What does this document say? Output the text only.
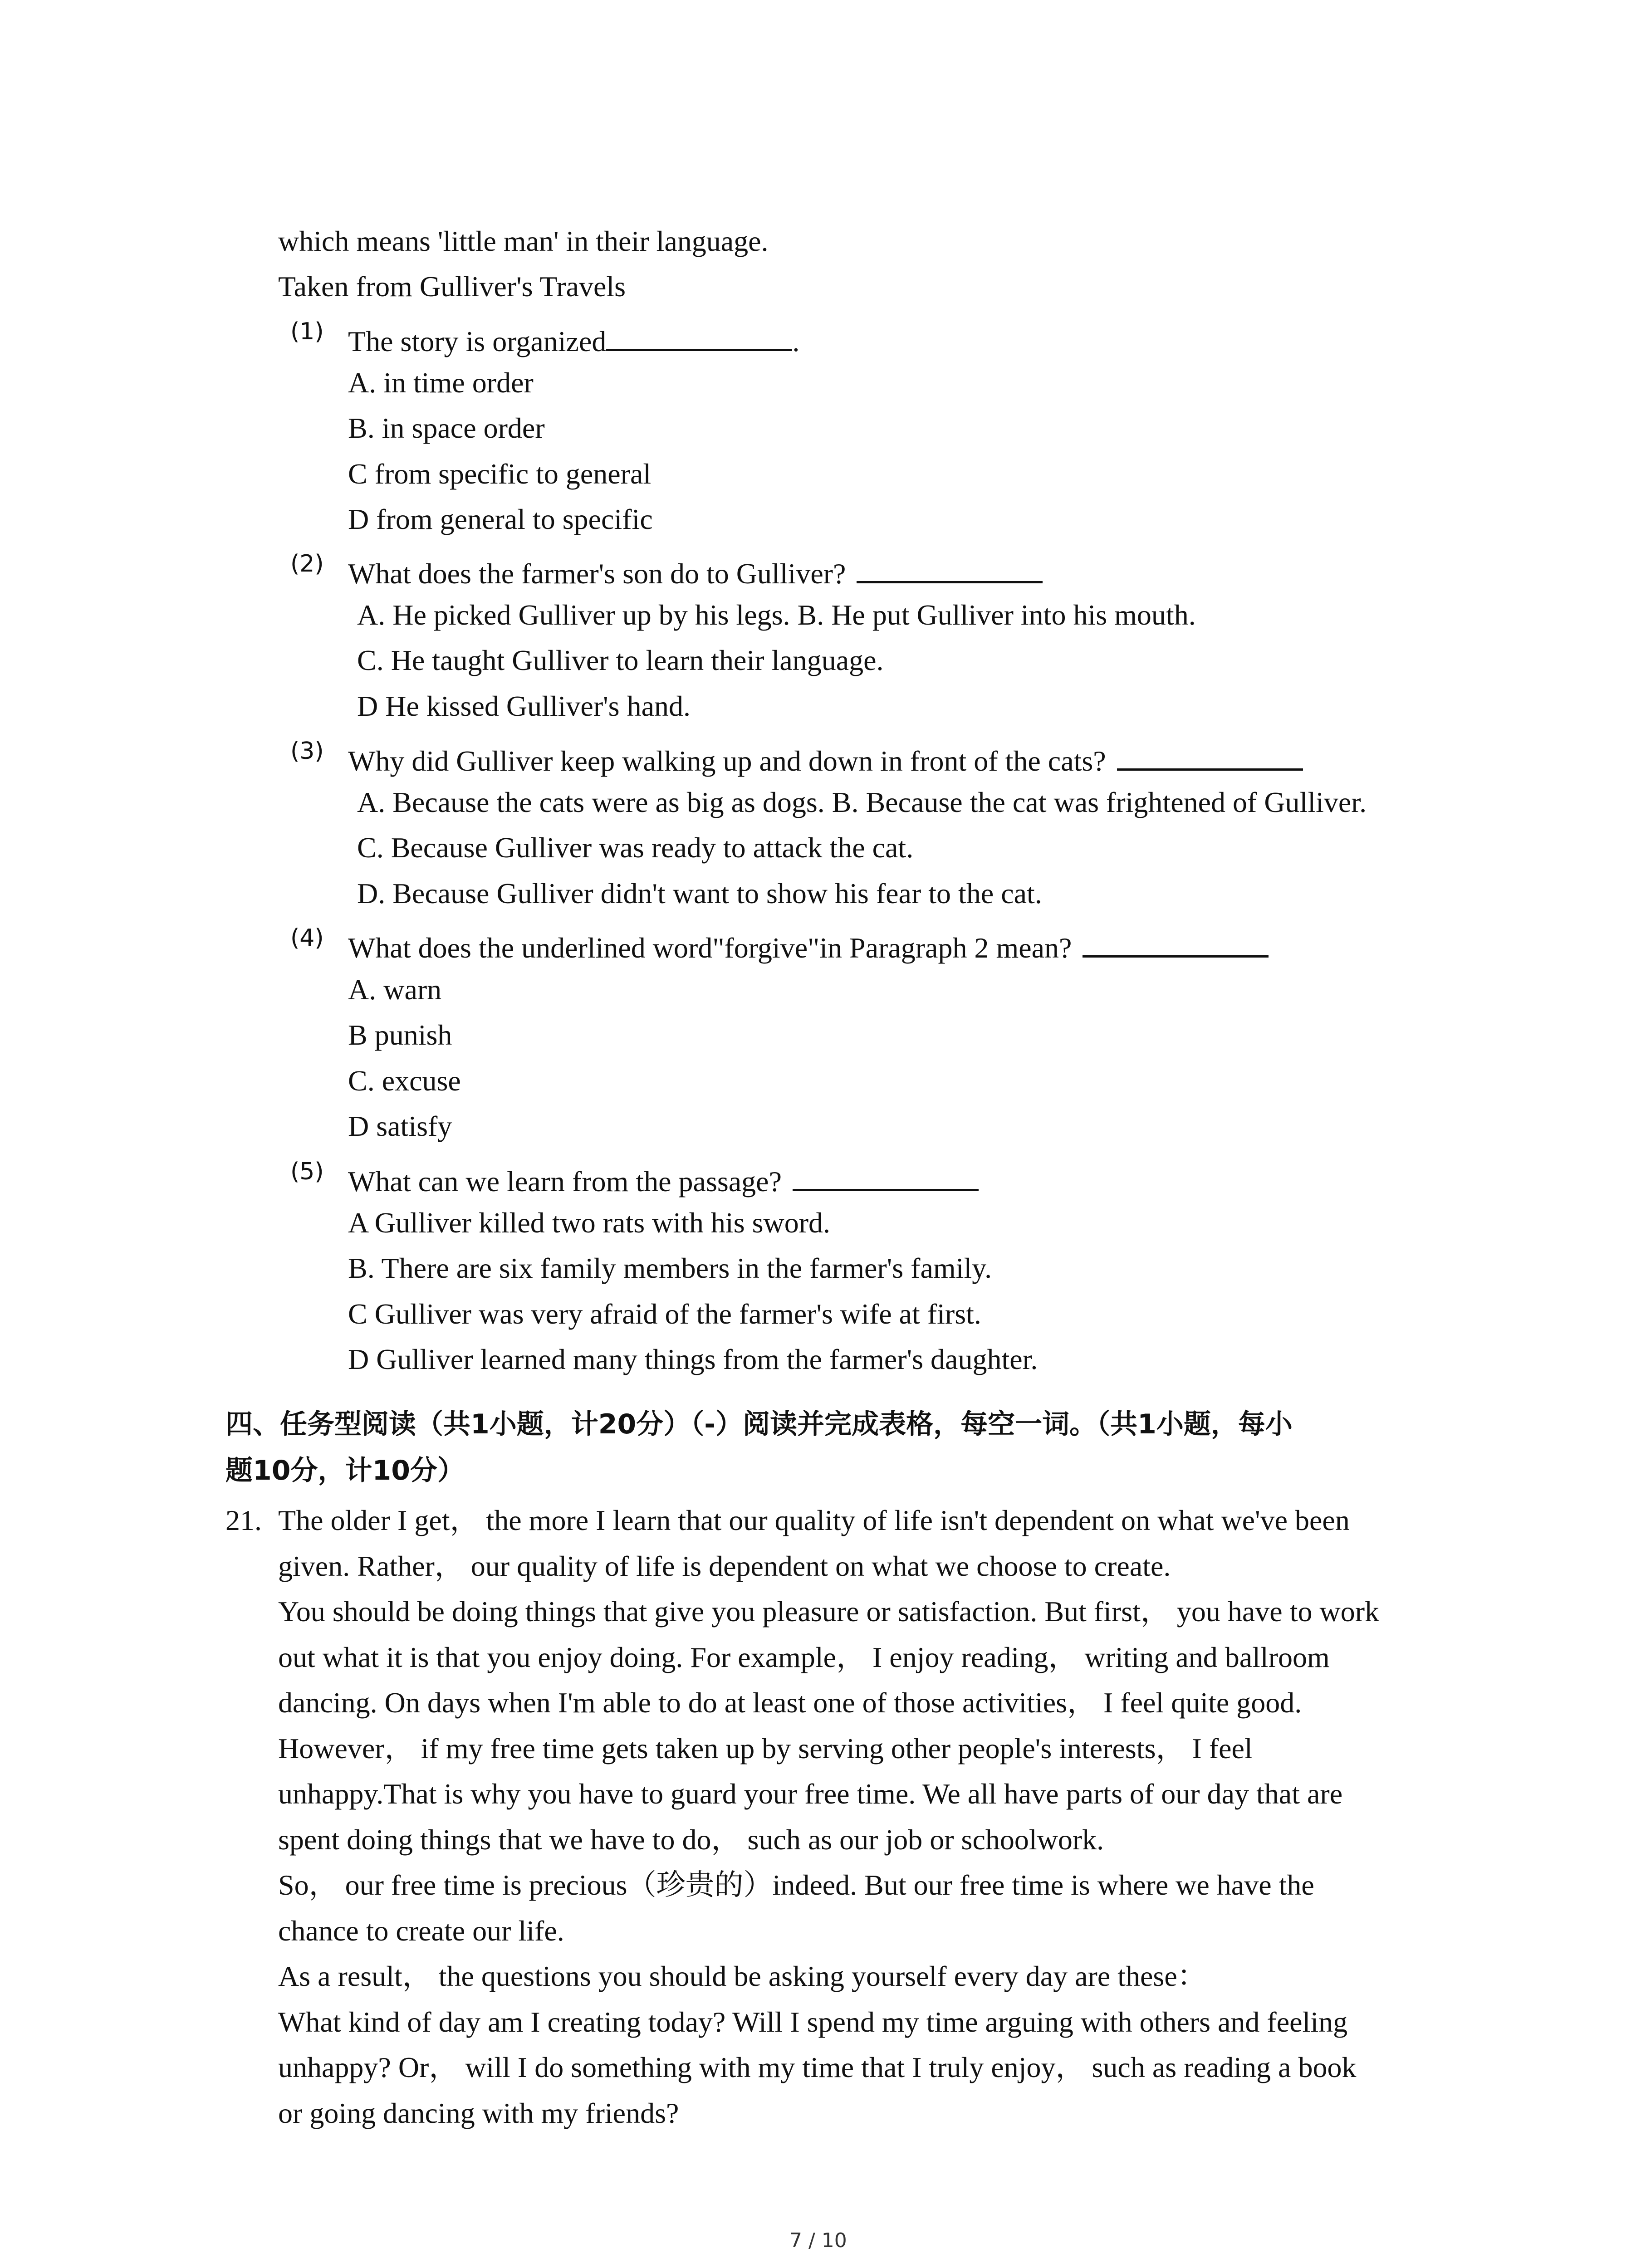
which means 'little man' in their language.
Taken from Gulliver's Travels
(1) The story is organized	.
A. in time order
B. in space order
C from specific to general
D from general to specific
(2) What does the farmer's son do to Gulliver?
A. He picked Gulliver up by his legs. B. He put Gulliver into his mouth.
C. He taught Gulliver to learn their language.
D He kissed Gulliver's hand.
(3) Why did Gulliver keep walking up and down in front of the cats?
A. Because the cats were as big as dogs. B. Because the cat was frightened of Gulliver.
C. Because Gulliver was ready to attack the cat.
D. Because Gulliver didn't want to show his fear to the cat.
(4) What does the underlined word"forgive"in Paragraph 2 mean?
A. warn
B punish
C. excuse
D satisfy
(5) What can we learn from the passage?
A Gulliver killed two rats with his sword.
B. There are six family members in the farmer's family.
C Gulliver was very afraid of the farmer's wife at first.
D Gulliver learned many things from the farmer's daughter.
四、任务型阅读（共1小题，计20分）（-）阅读并完成表格，每空一词。（共1小题，每小
题10分，计10分）
21. The older I get， the more I learn that our quality of life isn't dependent on what we've been
given. Rather， our quality of life is dependent on what we choose to create.
You should be doing things that give you pleasure or satisfaction. But first， you have to work
out what it is that you enjoy doing. For example， I enjoy reading， writing and ballroom
dancing. On days when I'm able to do at least one of those activities， I feel quite good.
However， if my free time gets taken up by serving other people's interests， I feel
unhappy.That is why you have to guard your free time. We all have parts of our day that are
spent doing things that we have to do， such as our job or schoolwork.
So， our free time is precious（珍贵的）indeed. But our free time is where we have the
chance to create our life.
As a result， the questions you should be asking yourself every day are these：
What kind of day am I creating today? Will I spend my time arguing with others and feeling
unhappy? Or， will I do something with my time that I truly enjoy， such as reading a book
or going dancing with my friends?
7 / 10
